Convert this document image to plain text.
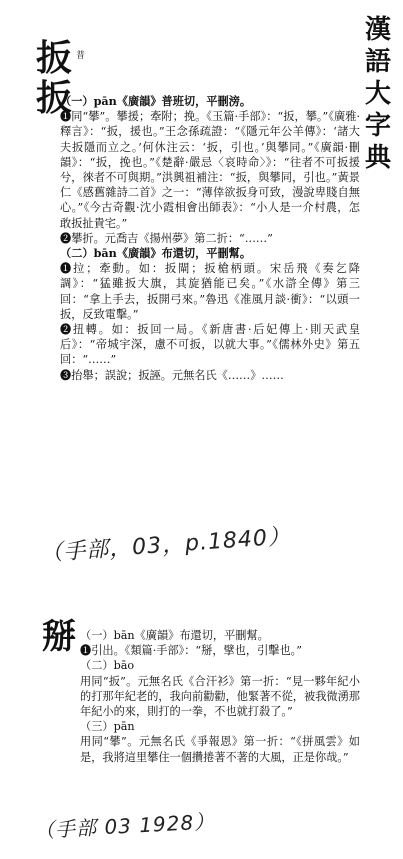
漢
語
大
字
典
扳
扳
普

（一）pān《廣韻》普班切，平刪滂。

❶同“攀”。攀援；牽附；挽。《玉篇·手部》：“扳，攀。”《廣雅·釋言》：“扳，援也。”王念孫疏證：“《隱元年公羊傳》：‘諸大夫扳隱而立之。’何休注云：‘扳，引也。’與攀同。”《廣韻·刪韻》：“扳，挽也。”《楚辭·嚴忌〈哀時命〉》：“往者不可扳援兮，徠者不可與期。”洪興祖補注：“扳，與攀同，引也。”黃景仁《感舊雜詩二首》之一：“薄倖欲扳身可致，漫說卑賤自無心。”《今古奇觀·沈小霞相會出師表》：“小人是一介村農，怎敢扳扯貴宅。”

❷攀折。元喬吉《揚州夢》第二折：“……”

（二）bān《廣韻》布還切，平刪幫。

❶拉；牽動。如：扳閘；扳槍柄頭。宋岳飛《奏乞降調》：“猛雖扳大旗，其旋猶能已矣。”《水滸全傳》第三回：“拿上手去，扳開弓來。”魯迅《准風月談·衝》：“以頭一扳，反致電擊。”

❷扭轉。如：扳回一局。《新唐書·后妃傳上·則天武皇后》：“帝城宇深，慮不可扳，以就大事。”《儒林外史》第五回：“……”

❸抬舉；誤說；扳誣。元無名氏《……》……

（手部，03，p.1840）
掰 （一）bān《廣韻》布還切，平刪幫。

❶引出。《類篇·手部》：“掰，擘也，引擊也。”

（二）bāo

用同“扳”。元無名氏《合汗衫》第一折：“見一夥年紀小的打那年紀老的，我向前勸勸，他緊著不從，被我微湧那年紀小的來，則打的一拳，不也就打殺了。”

（三）pān

用同“攀”。元無名氏《爭報恩》第一折：“《拼風雲》如是，我將這里攀住一個攢捲著不著的大風，正是你哉。”

（手部 03 1928）
